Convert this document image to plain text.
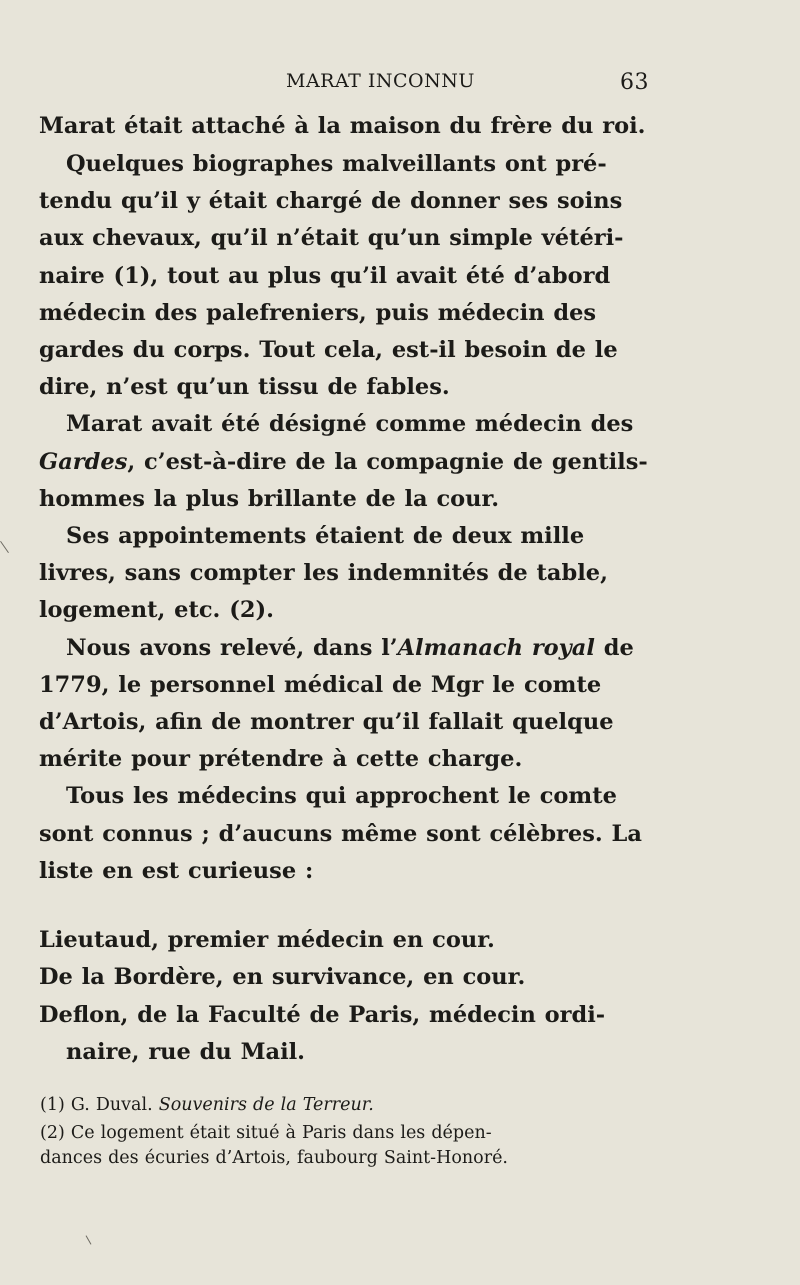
MARAT INCONNU	63
Marat était attaché à la maison du frère du roi.
Quelques biographes malveillants ont pré-
tendu qu’il y était chargé de donner ses soins
aux chevaux, qu’il n’était qu’un simple vétéri-
naire (1), tout au plus qu’il avait été d’abord
médecin des palefreniers, puis médecin des
gardes du corps. Tout cela, est-il besoin de le
dire, n’est qu’un tissu de fables.
Marat avait été désigné comme médecin des
Gardes, c’est-à-dire de la compagnie de gentils-
hommes la plus brillante de la cour.
Ses appointements étaient de deux mille
livres, sans compter les indemnités de table,
logement, etc. (2).
Nous avons relevé, dans l’Almanach royal de
1779, le personnel médical de Mgr le comte
d’Artois, afin de montrer qu’il fallait quelque
mérite pour prétendre à cette charge.
Tous les médecins qui approchent le comte
sont connus ; d’aucuns même sont célèbres. La
liste en est curieuse :
Lieutaud, premier médecin en cour.
De la Bordère, en survivance, en cour.
Deflon, de la Faculté de Paris, médecin ordi-
naire, rue du Mail.
(1) G. Duval. Souvenirs de la Terreur.
(2) Ce logement était situé à Paris dans les dépen-
dances des écuries d’Artois, faubourg Saint-Honoré.
